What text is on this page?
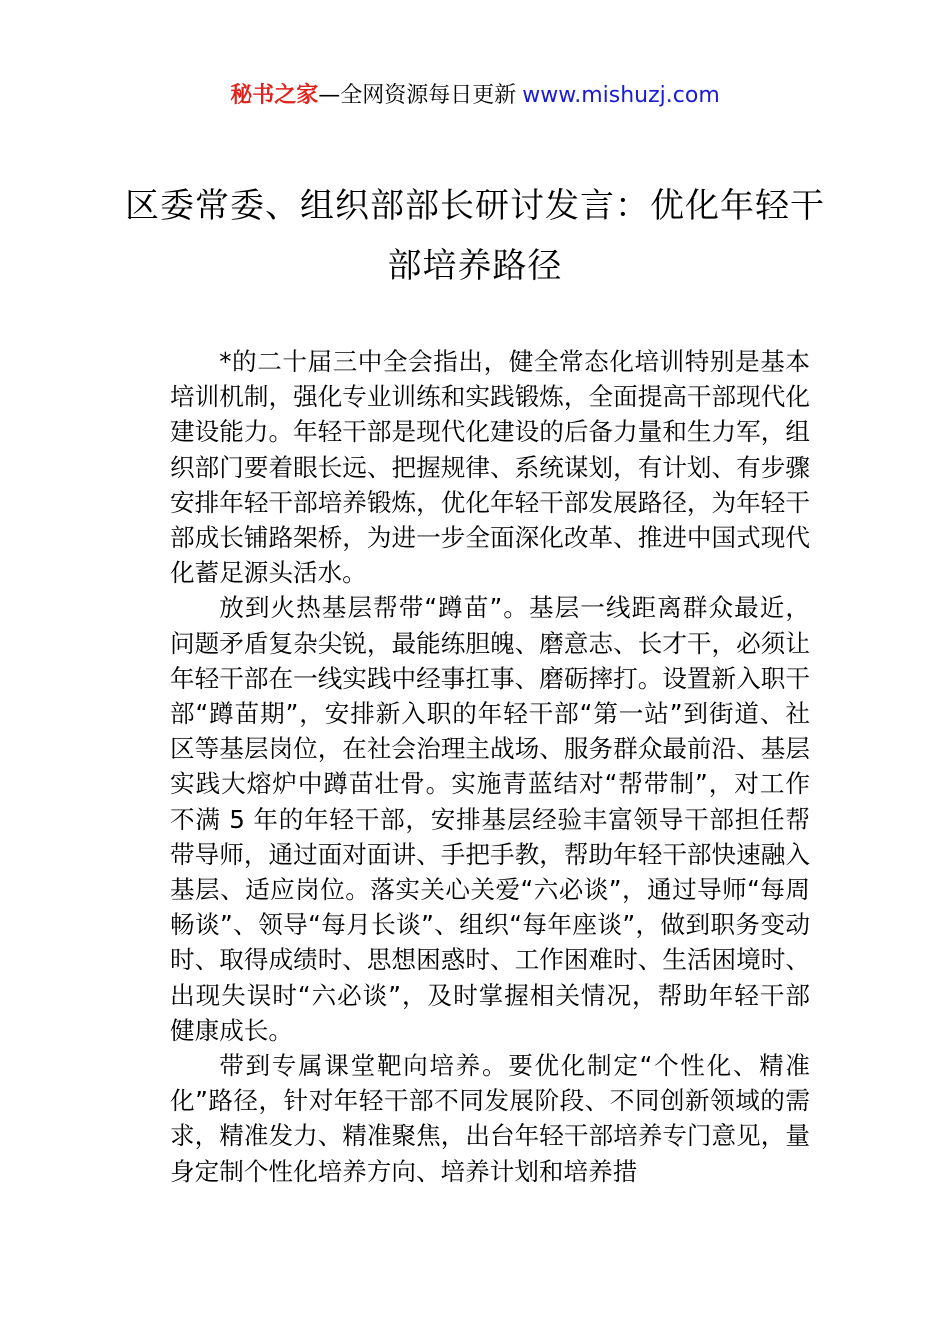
秘书之家—全网资源每日更新 www.mishuzj.com
区委常委、组织部部长研讨发言：优化年轻干部培养路径

*的二十届三中全会指出，健全常态化培训特别是基本培训机制，强化专业训练和实践锻炼，全面提高干部现代化建设能力。年轻干部是现代化建设的后备力量和生力军，组织部门要着眼长远、把握规律、系统谋划，有计划、有步骤安排年轻干部培养锻炼，优化年轻干部发展路径，为年轻干部成长铺路架桥，为进一步全面深化改革、推进中国式现代化蓄足源头活水。

放到火热基层帮带“蹲苗”。基层一线距离群众最近，问题矛盾复杂尖锐，最能练胆魄、磨意志、长才干，必须让年轻干部在一线实践中经事扛事、磨砺摔打。设置新入职干部“蹲苗期”，安排新入职的年轻干部“第一站”到街道、社区等基层岗位，在社会治理主战场、服务群众最前沿、基层实践大熔炉中蹲苗壮骨。实施青蓝结对“帮带制”，对工作不满 5 年的年轻干部，安排基层经验丰富领导干部担任帮带导师，通过面对面讲、手把手教，帮助年轻干部快速融入基层、适应岗位。落实关心关爱“六必谈”，通过导师“每周畅谈”、领导“每月长谈”、组织“每年座谈”，做到职务变动时、取得成绩时、思想困惑时、工作困难时、生活困境时、出现失误时“六必谈”，及时掌握相关情况，帮助年轻干部健康成长。

带到专属课堂靶向培养。要优化制定“个性化、精准化”路径，针对年轻干部不同发展阶段、不同创新领域的需求，精准发力、精准聚焦，出台年轻干部培养专门意见，量身定制个性化培养方向、培养计划和培养措
